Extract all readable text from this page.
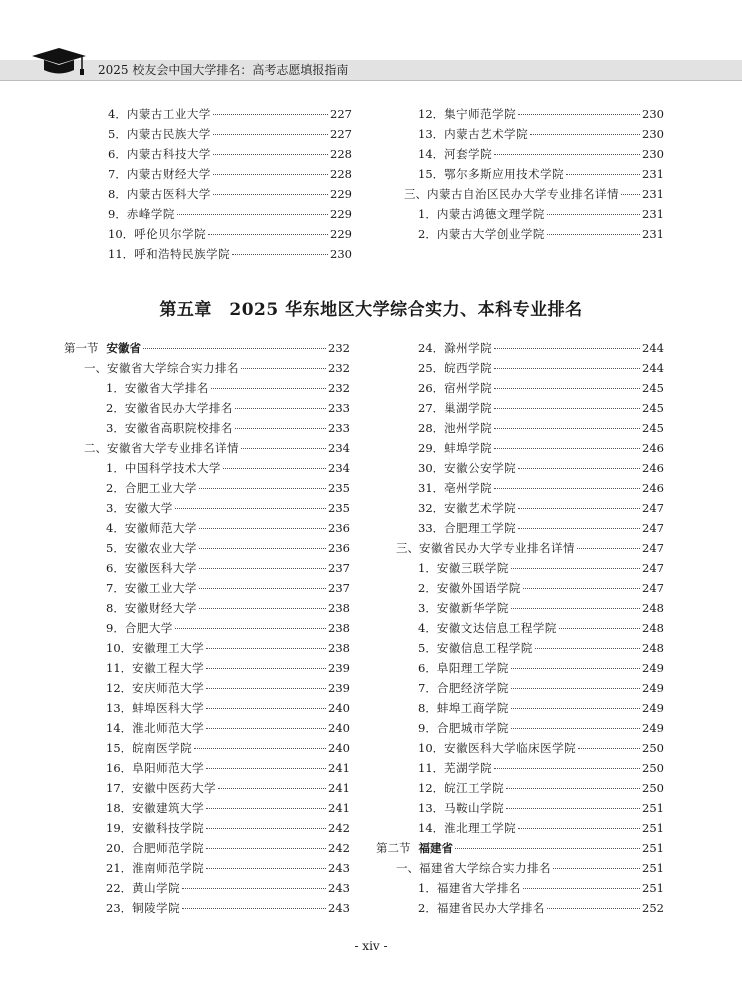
2025 校友会中国大学排名：高考志愿填报指南
4． 内蒙古工业大学	227
5． 内蒙古民族大学	227
6． 内蒙古科技大学	228
7． 内蒙古财经大学	228
8． 内蒙古医科大学	229
9． 赤峰学院	229
10． 呼伦贝尔学院	229
11． 呼和浩特民族学院	230
12． 集宁师范学院	230
13． 内蒙古艺术学院	230
14． 河套学院	230
15． 鄂尔多斯应用技术学院	231
三、 内蒙古自治区民办大学专业排名详情 231
1． 内蒙古鸿德文理学院	231
2． 内蒙古大学创业学院	231
第五章　2025 华东地区大学综合实力、本科专业排名
第一节 安徽省	232
一、 安徽省大学综合实力排名	232
1． 安徽省大学排名	232
2． 安徽省民办大学排名	233
3． 安徽省高职院校排名	233
二、 安徽省大学专业排名详情	234
1． 中国科学技术大学	234
2． 合肥工业大学	235
3． 安徽大学	235
4． 安徽师范大学	236
5． 安徽农业大学	236
6． 安徽医科大学	237
7． 安徽工业大学	237
8． 安徽财经大学	238
9． 合肥大学	238
10． 安徽理工大学	238
11． 安徽工程大学	239
12． 安庆师范大学	239
13． 蚌埠医科大学	240
14． 淮北师范大学	240
15． 皖南医学院	240
16． 阜阳师范大学	241
17． 安徽中医药大学	241
18． 安徽建筑大学	241
19． 安徽科技学院	242
20． 合肥师范学院	242
21． 淮南师范学院	243
22． 黄山学院	243
23． 铜陵学院	243
24． 滁州学院	244
25． 皖西学院	244
26． 宿州学院	245
27． 巢湖学院	245
28． 池州学院	245
29． 蚌埠学院	246
30． 安徽公安学院	246
31． 亳州学院	246
32． 安徽艺术学院	247
33． 合肥理工学院	247
三、 安徽省民办大学专业排名详情	247
1． 安徽三联学院	247
2． 安徽外国语学院	247
3． 安徽新华学院	248
4． 安徽文达信息工程学院	248
5． 安徽信息工程学院	248
6． 阜阳理工学院	249
7． 合肥经济学院	249
8． 蚌埠工商学院	249
9． 合肥城市学院	249
10． 安徽医科大学临床医学院	250
11． 芜湖学院	250
12． 皖江工学院	250
13． 马鞍山学院	251
14． 淮北理工学院	251
第二节 福建省	251
一、 福建省大学综合实力排名	251
1． 福建省大学排名	251
2． 福建省民办大学排名	252
- xiv -
